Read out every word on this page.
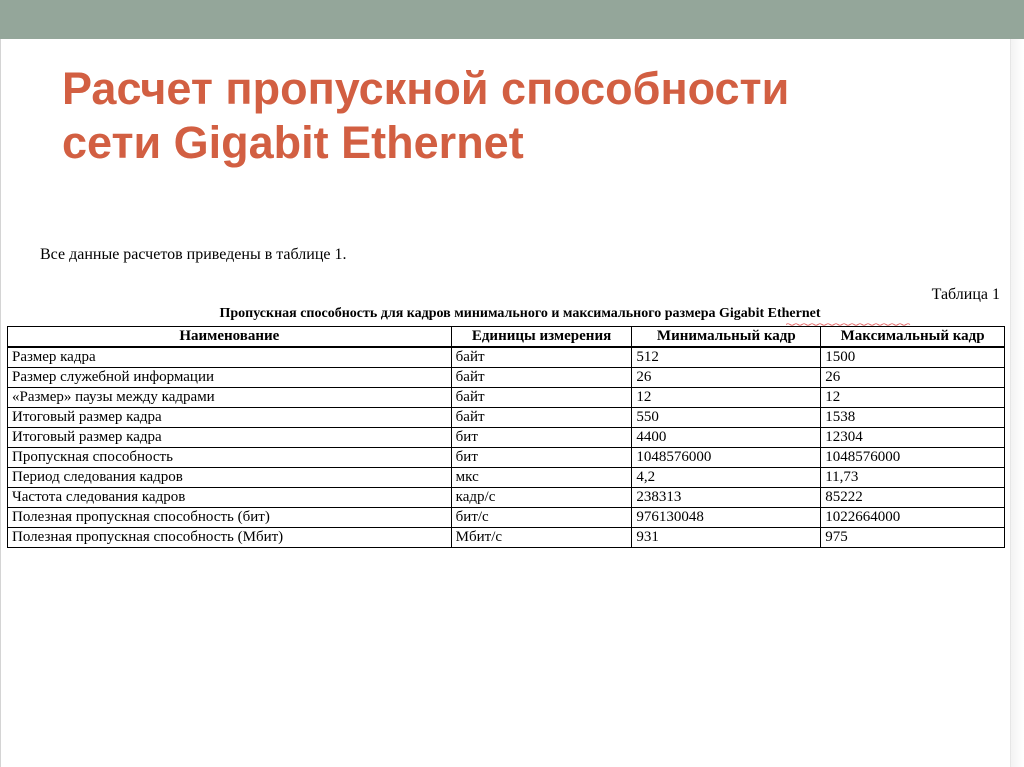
Расчет пропускной способности
сети Gigabit Ethernet
Все данные расчетов приведены в таблице 1.
Таблица 1
Пропускная способность для кадров минимального и максимального размера Gigabit Ethernet
Наименование	Единицы измерения	Минимальный кадр	Максимальный кадр
Размер кадра	байт	512	1500
Размер служебной информации	байт	26	26
«Размер» паузы между кадрами	байт	12	12
Итоговый размер кадра	байт	550	1538
Итоговый размер кадра	бит	4400	12304
Пропускная способность	бит	1048576000	1048576000
Период следования кадров	мкс	4,2	11,73
Частота следования кадров	кадр/с	238313	85222
Полезная пропускная способность (бит)	бит/с	976130048	1022664000
Полезная пропускная способность (Мбит)	Мбит/с	931	975
